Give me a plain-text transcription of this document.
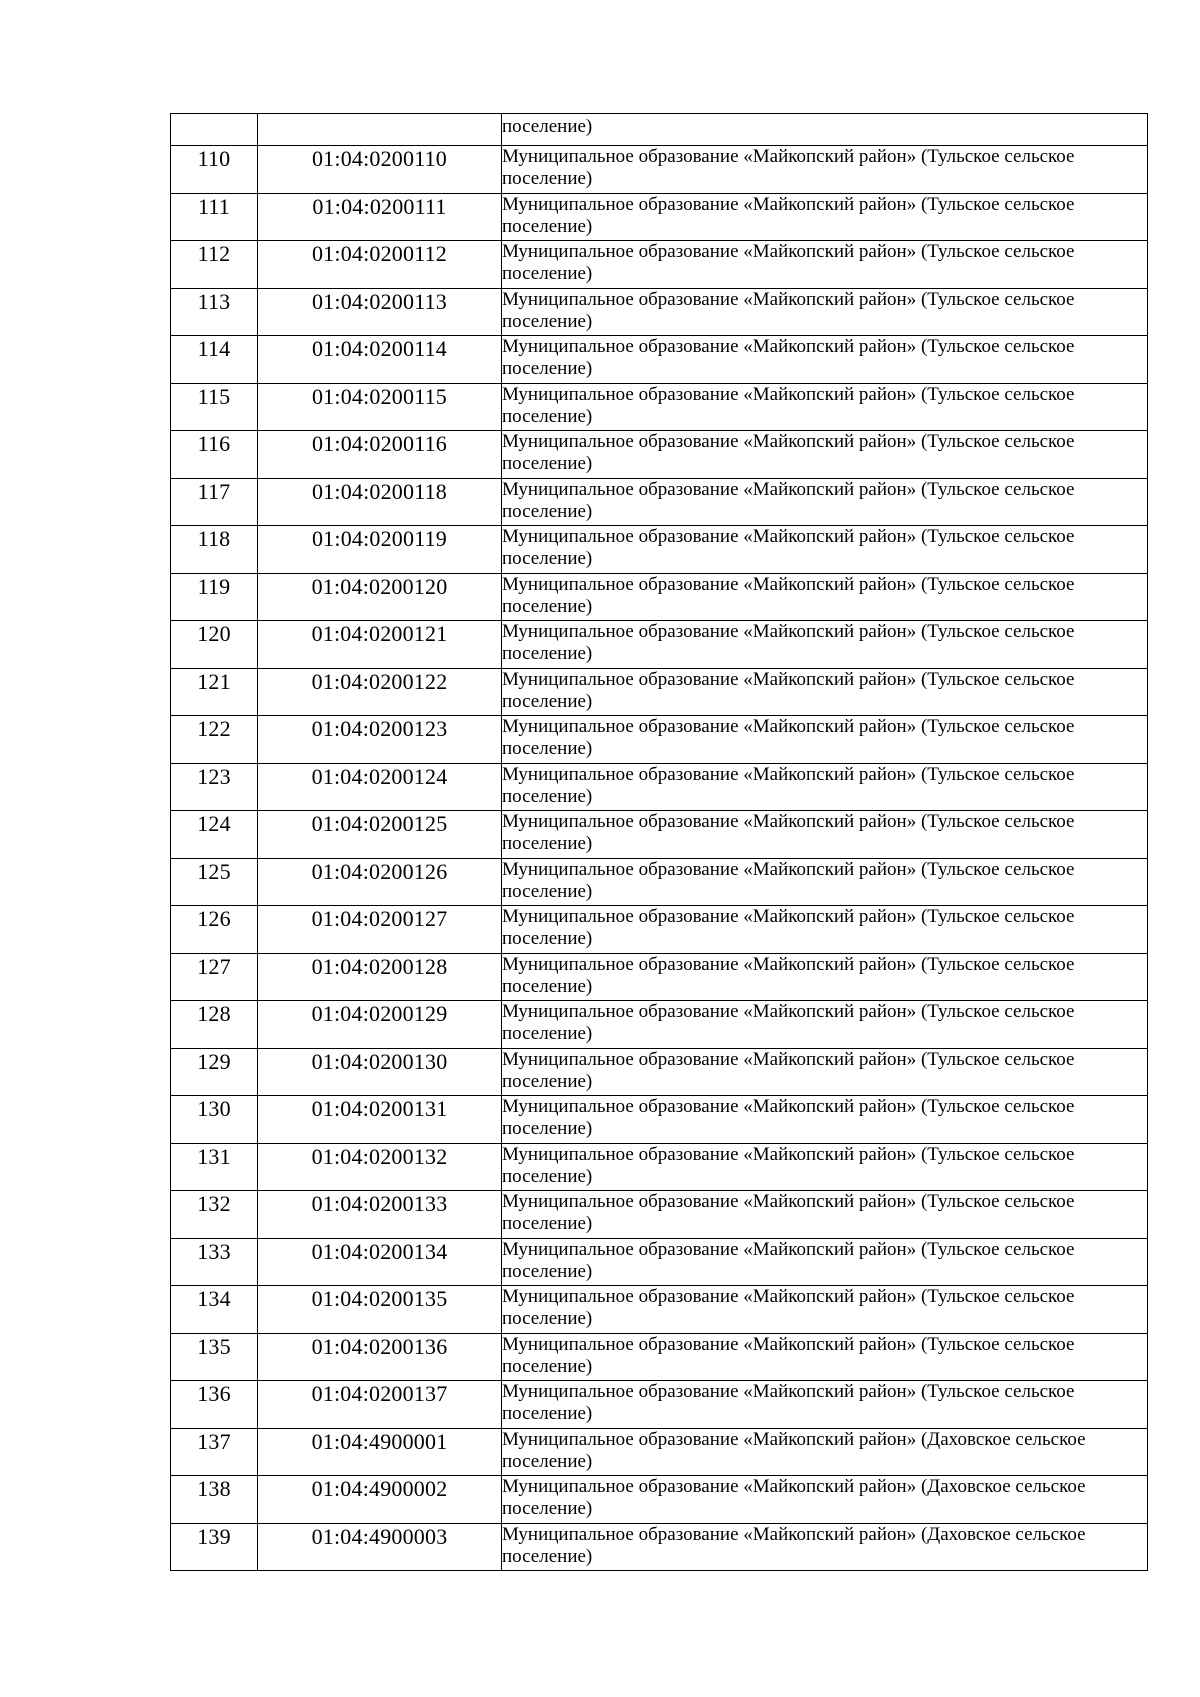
		поселение)
110	01:04:0200110	Муниципальное образование «Майкопский район» (Тульское сельское поселение)
111	01:04:0200111	Муниципальное образование «Майкопский район» (Тульское сельское поселение)
112	01:04:0200112	Муниципальное образование «Майкопский район» (Тульское сельское поселение)
113	01:04:0200113	Муниципальное образование «Майкопский район» (Тульское сельское поселение)
114	01:04:0200114	Муниципальное образование «Майкопский район» (Тульское сельское поселение)
115	01:04:0200115	Муниципальное образование «Майкопский район» (Тульское сельское поселение)
116	01:04:0200116	Муниципальное образование «Майкопский район» (Тульское сельское поселение)
117	01:04:0200118	Муниципальное образование «Майкопский район» (Тульское сельское поселение)
118	01:04:0200119	Муниципальное образование «Майкопский район» (Тульское сельское поселение)
119	01:04:0200120	Муниципальное образование «Майкопский район» (Тульское сельское поселение)
120	01:04:0200121	Муниципальное образование «Майкопский район» (Тульское сельское поселение)
121	01:04:0200122	Муниципальное образование «Майкопский район» (Тульское сельское поселение)
122	01:04:0200123	Муниципальное образование «Майкопский район» (Тульское сельское поселение)
123	01:04:0200124	Муниципальное образование «Майкопский район» (Тульское сельское поселение)
124	01:04:0200125	Муниципальное образование «Майкопский район» (Тульское сельское поселение)
125	01:04:0200126	Муниципальное образование «Майкопский район» (Тульское сельское поселение)
126	01:04:0200127	Муниципальное образование «Майкопский район» (Тульское сельское поселение)
127	01:04:0200128	Муниципальное образование «Майкопский район» (Тульское сельское поселение)
128	01:04:0200129	Муниципальное образование «Майкопский район» (Тульское сельское поселение)
129	01:04:0200130	Муниципальное образование «Майкопский район» (Тульское сельское поселение)
130	01:04:0200131	Муниципальное образование «Майкопский район» (Тульское сельское поселение)
131	01:04:0200132	Муниципальное образование «Майкопский район» (Тульское сельское поселение)
132	01:04:0200133	Муниципальное образование «Майкопский район» (Тульское сельское поселение)
133	01:04:0200134	Муниципальное образование «Майкопский район» (Тульское сельское поселение)
134	01:04:0200135	Муниципальное образование «Майкопский район» (Тульское сельское поселение)
135	01:04:0200136	Муниципальное образование «Майкопский район» (Тульское сельское поселение)
136	01:04:0200137	Муниципальное образование «Майкопский район» (Тульское сельское поселение)
137	01:04:4900001	Муниципальное образование «Майкопский район» (Даховское сельское поселение)
138	01:04:4900002	Муниципальное образование «Майкопский район» (Даховское сельское поселение)
139	01:04:4900003	Муниципальное образование «Майкопский район» (Даховское сельское поселение)
